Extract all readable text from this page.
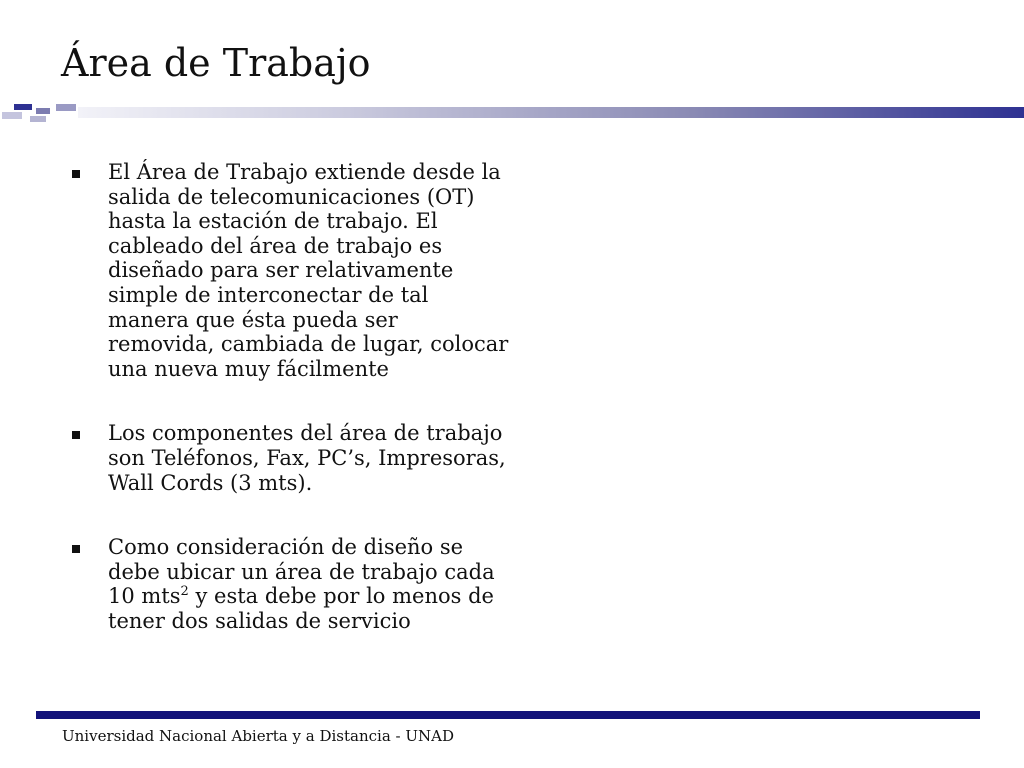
Área de Trabajo
El Área de Trabajo extiende desde la salida de telecomunicaciones (OT) hasta la estación de trabajo. El cableado del área de trabajo es diseñado para ser relativamente simple de interconectar de tal manera que ésta pueda ser removida, cambiada de lugar, colocar una nueva muy fácilmente
Los componentes del área de trabajo son Teléfonos, Fax, PC’s, Impresoras, Wall Cords (3 mts).
Como consideración de diseño se debe ubicar un área de trabajo cada 10 mts$^2$ y esta debe por lo menos de tener dos salidas de servicio
Universidad Nacional Abierta y a Distancia - UNAD
